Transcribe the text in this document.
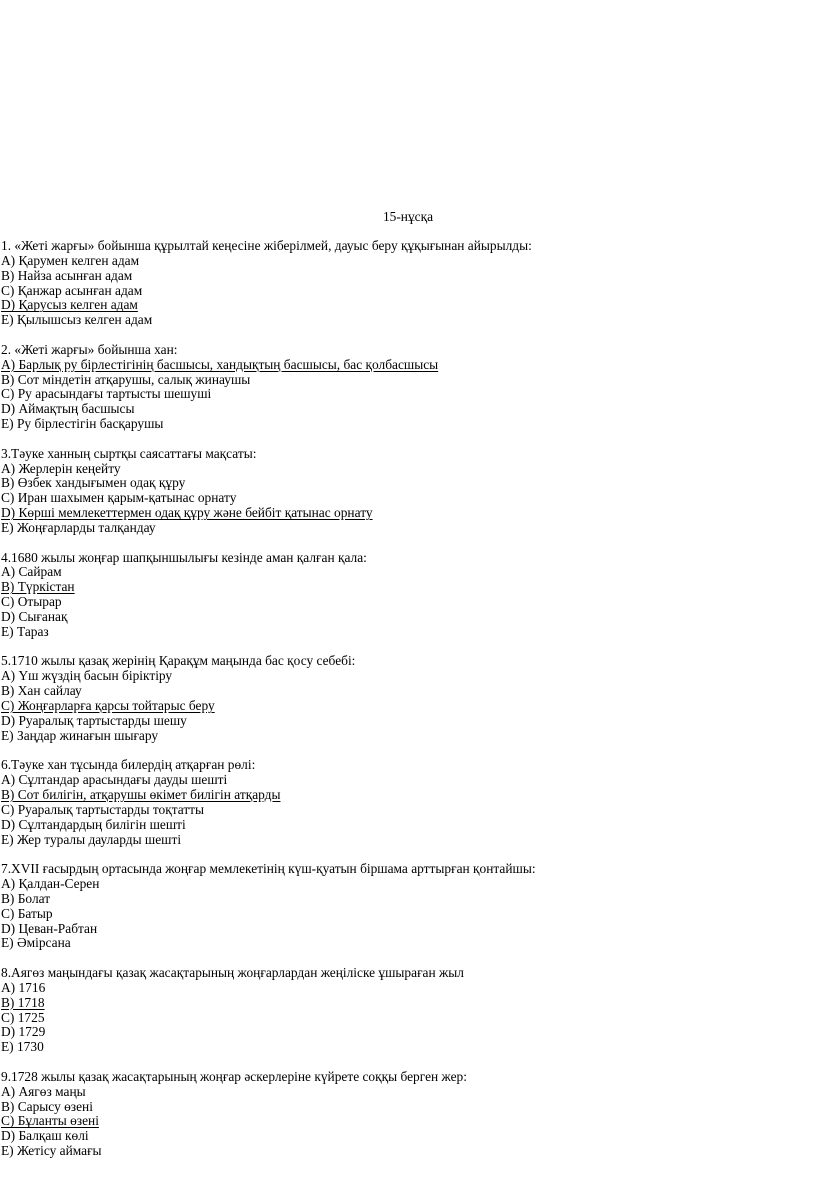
15-нұсқа
1. «Жеті жарғы» бойынша құрылтай кеңесіне жіберілмей, дауыс беру құқығынан айырылды:
A) Қарумен келген адам
B) Найза асынған адам
C) Қанжар асынған адам
D) Қарусыз келген адам
E) Қылышсыз келген адам
2. «Жеті жарғы» бойынша хан:
A) Барлық ру бірлестігінің басшысы, хандықтың басшысы, бас қолбасшысы
B) Сот міндетін атқарушы, салық жинаушы
C) Ру арасындағы тартысты шешуші
D) Аймақтың басшысы
E) Ру бірлестігін басқарушы
3.Тәуке ханның сыртқы саясаттағы мақсаты:
A) Жерлерін кеңейту
B) Өзбек хандығымен одақ құру
C) Иран шахымен қарым-қатынас орнату
D) Көрші мемлекеттермен одақ құру және бейбіт қатынас орнату
E) Жоңғарларды талқандау
4.1680 жылы жоңғар шапқыншылығы кезінде аман қалған қала:
A) Сайрам
B) Түркістан
C) Отырар
D) Сығанақ
E) Тараз
5.1710 жылы қазақ жерінің Қарақұм маңында бас қосу себебі:
A) Үш жүздің басын біріктіру
B) Хан сайлау
C) Жоңғарларға қарсы тойтарыс беру
D) Руаралық тартыстарды шешу
E) Заңдар жинағын шығару
6.Тәуке хан тұсында билердің атқарған рөлі:
A) Сұлтандар арасындағы дауды шешті
B) Сот билігін, атқарушы өкімет билігін атқарды
C) Руаралық тартыстарды тоқтатты
D) Сұлтандардың билігін шешті
E) Жер туралы дауларды шешті
7.XVII ғасырдың ортасында жоңғар мемлекетінің күш-қуатын біршама арттырған қонтайшы:
A) Қалдан-Серен
B) Болат
C) Батыр
D) Цеван-Рабтан
E) Әмірсана
8.Аягөз маңындағы қазақ жасақтарының жоңғарлардан жеңіліске ұшыраған жыл
A) 1716
B) 1718
C) 1725
D) 1729
E) 1730
9.1728 жылы қазақ жасақтарының жоңғар әскерлеріне күйрете соққы берген жер:
A) Аягөз маңы
B) Сарысу өзені
C) Бұланты өзені
D) Балқаш көлі
E) Жетісу аймағы
